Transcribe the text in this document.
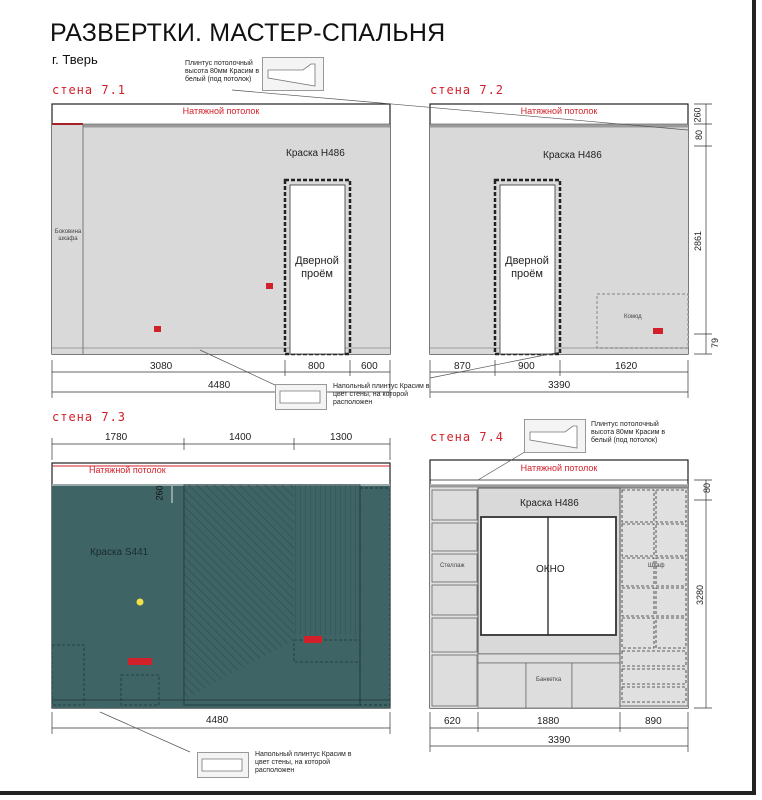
РАЗВЕРТКИ. МАСТЕР-СПАЛЬНЯ
г. Тверь
стена 7.1	стена 7.2
стена 7.3
стена 7.4
Натяжной потолок
Краска Н486
Дверной проём
Боковина шкафа
3080	800	600
4480
Натяжной потолок
Краска Н486
Дверной проём
Комод
870	900	1620
3390
260
80
2861
79
1780	1400	1300
Натяжной потолок
Краска S441
260
4480
Натяжной потолок
Краска Н486
ОКНО
Стеллаж	Шкаф
Банкетка
620	1880	890
3390
80
3280
Плинтус потолочный высота 80мм Красим в белый (под потолок)
Напольный плинтус Красим в цвет стены, на которой расположен
Плинтус потолочный высота 80мм Красим в белый (под потолок)
Напольный плинтус Красим в цвет стены, на которой расположен
